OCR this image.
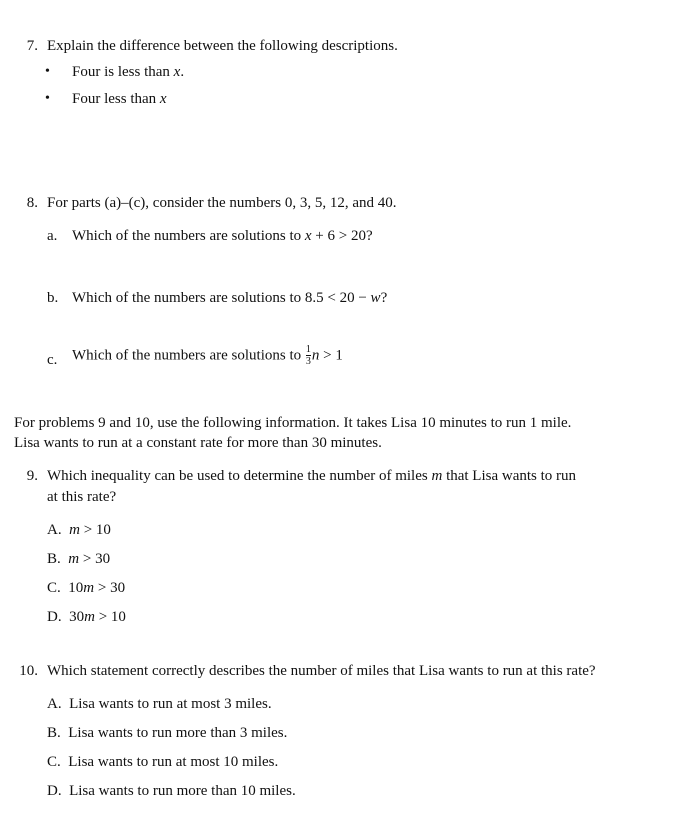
7. Explain the difference between the following descriptions.
• Four is less than x.
• Four less than x
8. For parts (a)–(c), consider the numbers 0, 3, 5, 12, and 40.
a. Which of the numbers are solutions to x + 6 > 20?
b. Which of the numbers are solutions to 8.5 < 20 − w?
c. Which of the numbers are solutions to $\frac{1}{3}$ n > 1
For problems 9 and 10, use the following information. It takes Lisa 10 minutes to run 1 mile.
Lisa wants to run at a constant rate for more than 30 minutes.
9. Which inequality can be used to determine the number of miles m that Lisa wants to run
at this rate?
A. m > 10
B. m > 30
C. 10m > 30
D. 30m > 10
10. Which statement correctly describes the number of miles that Lisa wants to run at this rate?
A. Lisa wants to run at most 3 miles.
B. Lisa wants to run more than 3 miles.
C. Lisa wants to run at most 10 miles.
D. Lisa wants to run more than 10 miles.
